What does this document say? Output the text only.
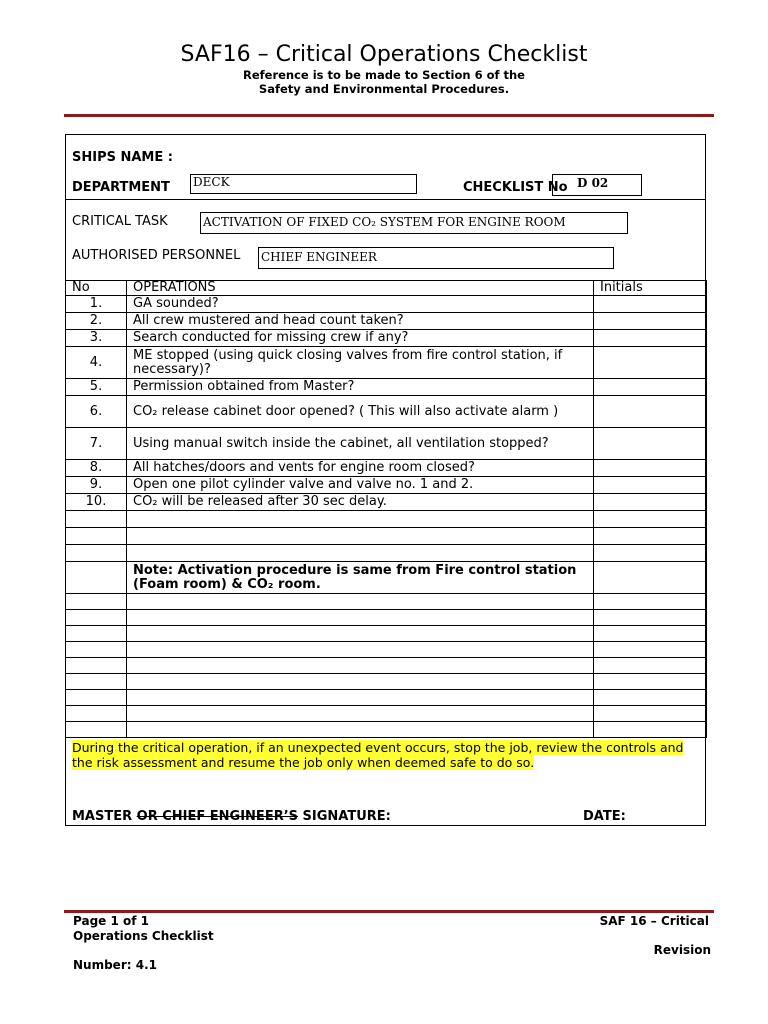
SAF16 – Critical Operations Checklist
Reference is to be made to Section 6 of the
Safety and Environmental Procedures.
SHIPS NAME :
DEPARTMENT DECK	CHECKLIST No D 02
CRITICAL TASK	ACTIVATION OF FIXED CO₂ SYSTEM FOR ENGINE ROOM
AUTHORISED PERSONNEL CHIEF ENGINEER
No	OPERATIONS	Initials
1.	GA sounded?	
2.	All crew mustered and head count taken?	
3.	Search conducted for missing crew if any?	
4.	ME stopped (using quick closing valves from fire control station, if necessary)?	
5.	Permission obtained from Master?	
6.	CO₂ release cabinet door opened? ( This will also activate alarm )	
7.	Using manual switch inside the cabinet, all ventilation stopped?	
8.	All hatches/doors and vents for engine room closed?	
9.	Open one pilot cylinder valve and valve no. 1 and 2.	
10.	CO₂ will be released after 30 sec delay.	

	Note: Activation procedure is same from Fire control station (Foam room) & CO₂ room.	

During the critical operation, if an unexpected event occurs, stop the job, review the controls and the risk assessment and resume the job only when deemed safe to do so.
MASTER OR CHIEF ENGINEER’S SIGNATURE:	DATE:
Page 1 of 1
Operations Checklist
Number: 4.1
SAF 16 – Critical
Revision
